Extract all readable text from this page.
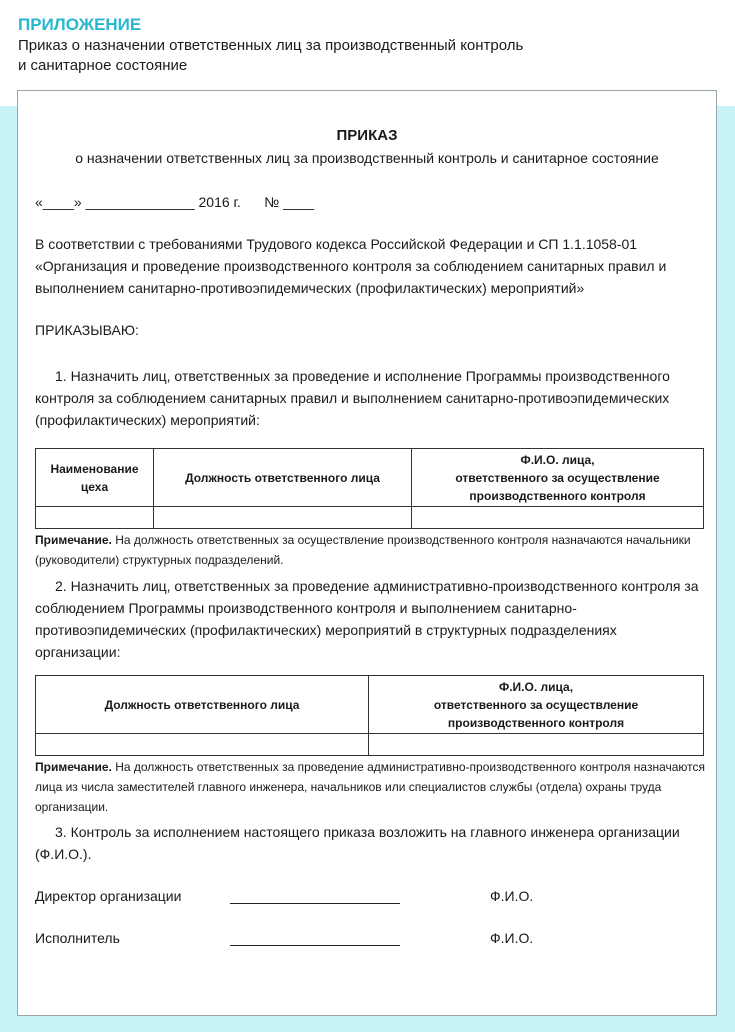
ПРИЛОЖЕНИЕ
Приказ о назначении ответственных лиц за производственный контроль
и санитарное состояние
ПРИКАЗ
о назначении ответственных лиц за производственный контроль и санитарное состояние
«____» ______________ 2016 г.      № ____
В соответствии с требованиями Трудового кодекса Российской Федерации и СП 1.1.1058-01 «Организация и проведение производственного контроля за соблюдением санитарных правил и выполнением санитарно-противоэпидемических (профилактических) мероприятий»
ПРИКАЗЫВАЮ:
1. Назначить лиц, ответственных за проведение и исполнение Программы производственного контроля за соблюдением санитарных правил и выполнением санитарно-противоэпидемических (профилактических) мероприятий:
Наименование цеха	Должность ответственного лица	Ф.И.О. лица,
ответственного за осуществление
производственного контроля

Примечание. На должность ответственных за осуществление производственного контроля назначаются начальники (руководители) структурных подразделений.
2. Назначить лиц, ответственных за проведение административно-производственного контроля за соблюдением Программы производственного контроля и выполнением санитарно-противоэпидемических (профилактических) мероприятий в структурных подразделениях организации:
Должность ответственного лица	Ф.И.О. лица,
ответственного за осуществление
производственного контроля

Примечание. На должность ответственных за проведение административно-производственного контроля назначаются лица из числа заместителей главного инженера, начальников или специалистов службы (отдела) охраны труда организации.
3. Контроль за исполнением настоящего приказа возложить на главного инженера организации (Ф.И.О.).
Директор организации	Ф.И.О.
Исполнитель	Ф.И.О.
